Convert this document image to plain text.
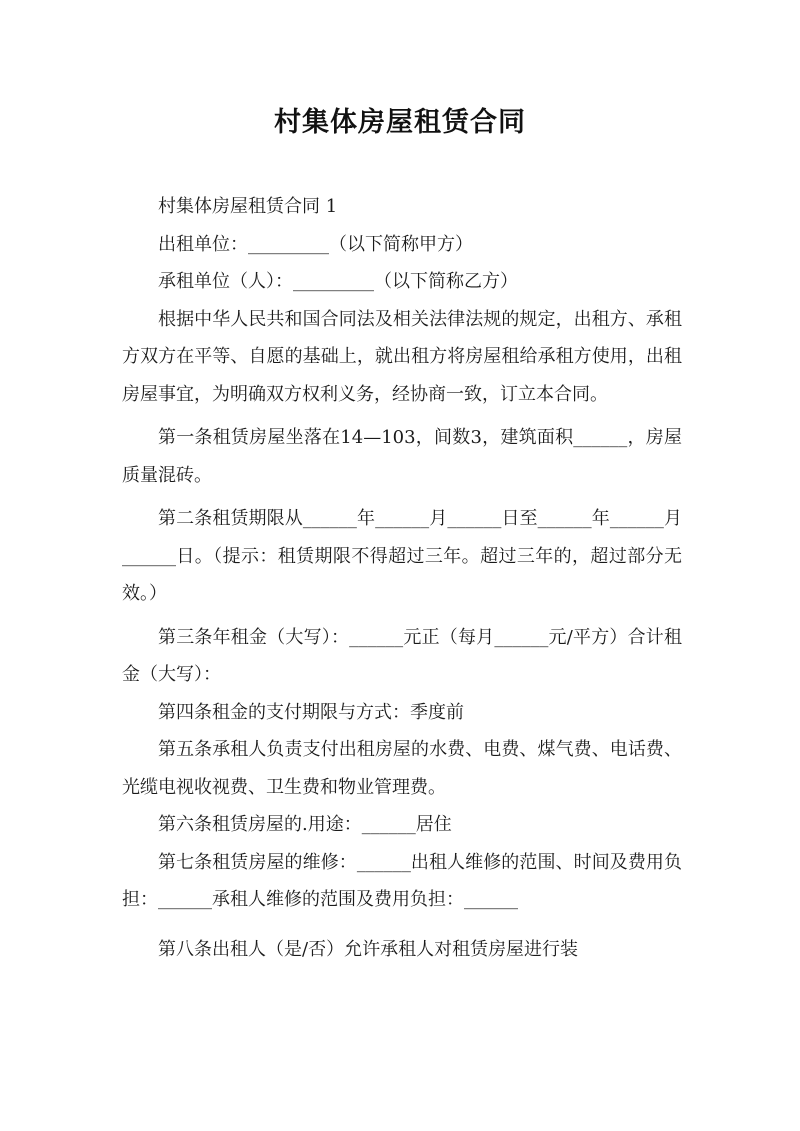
村集体房屋租赁合同

村集体房屋租赁合同 1

出租单位：_________（以下简称甲方）

承租单位（人）：_________（以下简称乙方）

根据中华人民共和国合同法及相关法律法规的规定，出租方、承租方双方在平等、自愿的基础上，就出租方将房屋租给承租方使用，出租房屋事宜，为明确双方权利义务，经协商一致，订立本合同。

第一条租赁房屋坐落在14—103，间数3，建筑面积______，房屋质量混砖。

第二条租赁期限从______年______月______日至______年______月______日。（提示：租赁期限不得超过三年。超过三年的，超过部分无效。）

第三条年租金（大写）：______元正（每月______元/平方）合计租金（大写）：

第四条租金的支付期限与方式：季度前

第五条承租人负责支付出租房屋的水费、电费、煤气费、电话费、光缆电视收视费、卫生费和物业管理费。

第六条租赁房屋的.用途：______居住

第七条租赁房屋的维修：______出租人维修的范围、时间及费用负担：______承租人维修的范围及费用负担：______

第八条出租人（是/否）允许承租人对租赁房屋进行装
